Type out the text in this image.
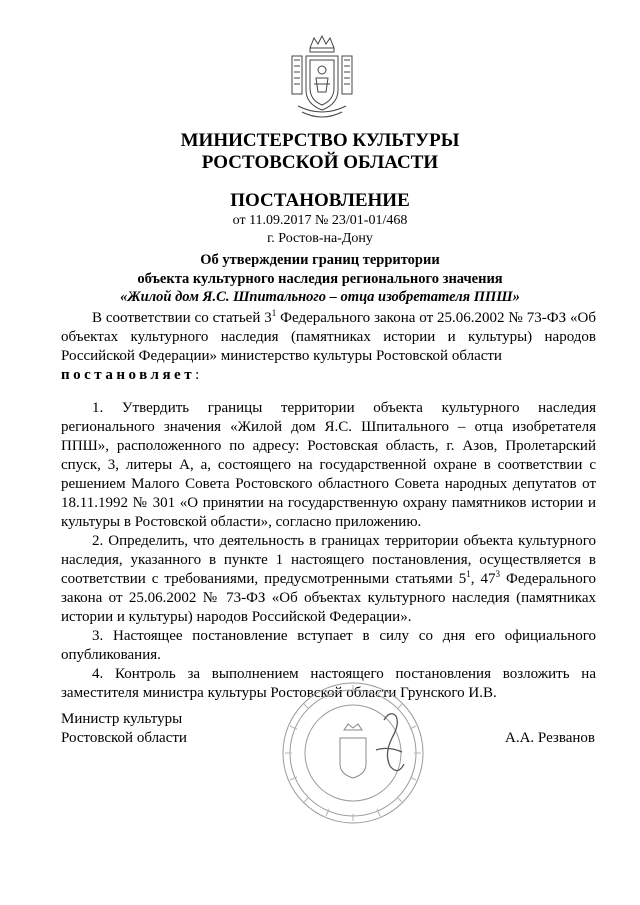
МИНИСТЕРСТВО КУЛЬТУРЫ
РОСТОВСКОЙ ОБЛАСТИ
ПОСТАНОВЛЕНИЕ
от 11.09.2017 № 23/01-01/468
г. Ростов-на-Дону
Об утверждении границ территории
объекта культурного наследия регионального значения
«Жилой дом Я.С. Шпитального – отца изобретателя ППШ»

В соответствии со статьей $3^1$ Федерального закона от 25.06.2002 № 73-ФЗ «Об объектах культурного наследия (памятниках истории и культуры) народов Российской Федерации» министерство культуры Ростовской области

постановляет:

1. Утвердить границы территории объекта культурного наследия регионального значения «Жилой дом Я.С. Шпитального – отца изобретателя ППШ», расположенного по адресу: Ростовская область, г. Азов, Пролетарский спуск, 3, литеры А, а, состоящего на государственной охране в соответствии с решением Малого Совета Ростовского областного Совета народных депутатов от 18.11.1992 № 301 «О принятии на государственную охрану памятников истории и культуры в Ростовской области», согласно приложению.

2. Определить, что деятельность в границах территории объекта культурного наследия, указанного в пункте 1 настоящего постановления, осуществляется в соответствии с требованиями, предусмотренными статьями $5^1$, $47^3$ Федерального закона от 25.06.2002 № 73-ФЗ «Об объектах культурного наследия (памятниках истории и культуры) народов Российской Федерации».

3. Настоящее постановление вступает в силу со дня его официального опубликования.

4. Контроль за выполнением настоящего постановления возложить на заместителя министра культуры Ростовской области Грунского И.В.

Министр культуры
Ростовской области	А.А. Резванов
